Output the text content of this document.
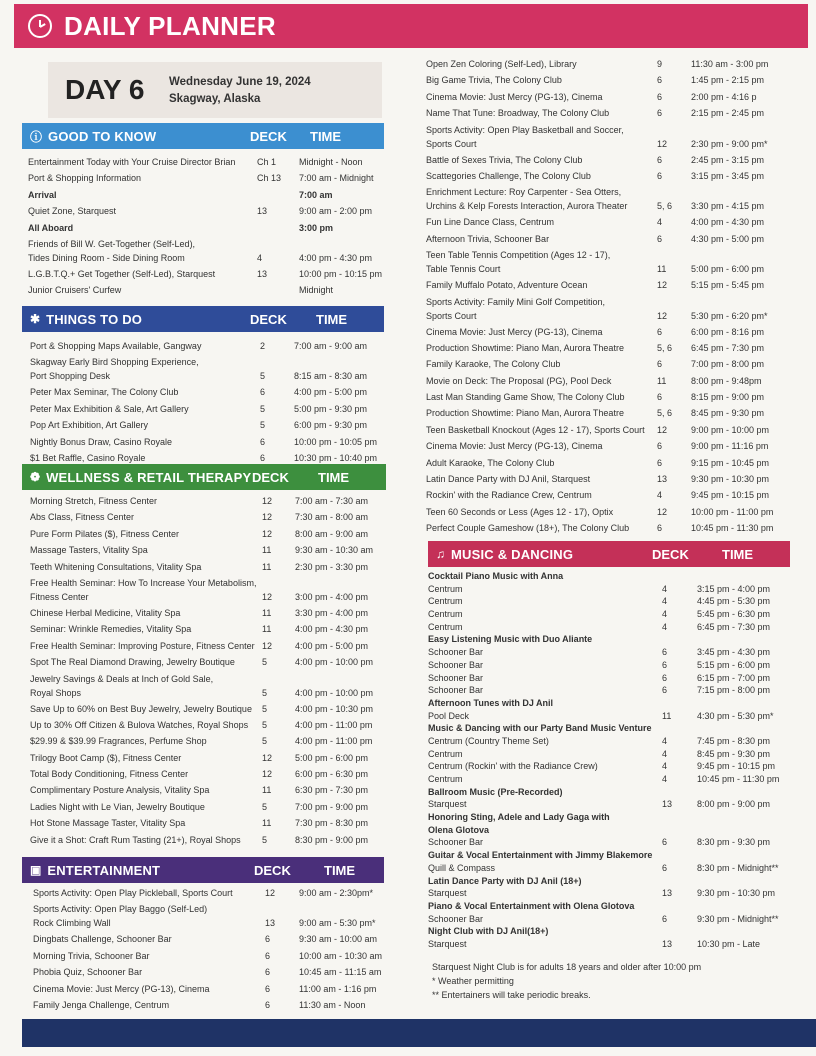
DAILY PLANNER
DAY 6 Wednesday June 19, 2024
Skagway, Alaska
ⓘ GOOD TO KNOW	DECK TIME
Entertainment Today with Your Cruise Director Brian Ch 1	Midnight - Noon
Port & Shopping Information	Ch 13 7:00 am - Midnight
Arrival	7:00 am
Quiet Zone, Starquest	13	9:00 am - 2:00 pm
All Aboard	3:00 pm
Friends of Bill W. Get-Together (Self-Led),
Tides Dining Room - Side Dining Room	4	4:00 pm - 4:30 pm
L.G.B.T.Q.+ Get Together (Self-Led), Starquest	13	10:00 pm - 10:15 pm
Junior Cruisers' Curfew	Midnight
✱ THINGS TO DO	DECK TIME
Port & Shopping Maps Available, Gangway	2	7:00 am - 9:00 am
Skagway Early Bird Shopping Experience,
Port Shopping Desk	5	8:15 am - 8:30 am
Peter Max Seminar, The Colony Club	6	4:00 pm - 5:00 pm
Peter Max Exhibition & Sale, Art Gallery	5	5:00 pm - 9:30 pm
Pop Art Exhibition, Art Gallery	5	6:00 pm - 9:30 pm
Nightly Bonus Draw, Casino Royale	6	10:00 pm - 10:05 pm
$1 Bet Raffle, Casino Royale	6	10:30 pm - 10:40 pm
❁ WELLNESS & RETAIL THERAPY DECK TIME
Morning Stretch, Fitness Center	12	7:00 am - 7:30 am
Abs Class, Fitness Center	12	7:30 am - 8:00 am
Pure Form Pilates ($), Fitness Center	12	8:00 am - 9:00 am
Massage Tasters, Vitality Spa	11	9:30 am - 10:30 am
Teeth Whitening Consultations, Vitality Spa	11	2:30 pm - 3:30 pm
Free Health Seminar: How To Increase Your Metabolism,
Fitness Center	12	3:00 pm - 4:00 pm
Chinese Herbal Medicine, Vitality Spa	11	3:30 pm - 4:00 pm
Seminar: Wrinkle Remedies, Vitality Spa	11	4:00 pm - 4:30 pm
Free Health Seminar: Improving Posture, Fitness Center 12	4:00 pm - 5:00 pm
Spot The Real Diamond Drawing, Jewelry Boutique	5	4:00 pm - 10:00 pm
Jewelry Savings & Deals at Inch of Gold Sale,
Royal Shops	5	4:00 pm - 10:00 pm
Save Up to 60% on Best Buy Jewelry, Jewelry Boutique 5	4:00 pm - 10:30 pm
Up to 30% Off Citizen & Bulova Watches, Royal Shops 5	4:00 pm - 11:00 pm
$29.99 & $39.99 Fragrances, Perfume Shop	5	4:00 pm - 11:00 pm
Trilogy Boot Camp ($), Fitness Center	12	5:00 pm - 6:00 pm
Total Body Conditioning, Fitness Center	12	6:00 pm - 6:30 pm
Complimentary Posture Analysis, Vitality Spa	11	6:30 pm - 7:30 pm
Ladies Night with Le Vian, Jewelry Boutique	5	7:00 pm - 9:00 pm
Hot Stone Massage Taster, Vitality Spa	11	7:30 pm - 8:30 pm
Give it a Shot: Craft Rum Tasting (21+), Royal Shops 5	8:30 pm - 9:00 pm
▣ ENTERTAINMENT	DECK	TIME
Sports Activity: Open Play Pickleball, Sports Court	12	9:00 am - 2:30pm*
Sports Activity: Open Play Baggo (Self-Led)
Rock Climbing Wall	13	9:00 am - 5:30 pm*
Dingbats Challenge, Schooner Bar	6	9:30 am - 10:00 am
Morning Trivia, Schooner Bar	6	10:00 am - 10:30 am
Phobia Quiz, Schooner Bar	6	10:45 am - 11:15 am
Cinema Movie: Just Mercy (PG-13), Cinema	6	11:00 am - 1:16 pm
Family Jenga Challenge, Centrum	6	11:30 am - Noon
Open Zen Coloring (Self-Led), Library	9	11:30 am - 3:00 pm
Big Game Trivia, The Colony Club	6	1:45 pm - 2:15 pm
Cinema Movie: Just Mercy (PG-13), Cinema	6	2:00 pm - 4:16 p
Name That Tune: Broadway, The Colony Club	6	2:15 pm - 2:45 pm
Sports Activity: Open Play Basketball and Soccer,
Sports Court	12	2:30 pm - 9:00 pm*
Battle of Sexes Trivia, The Colony Club	6	2:45 pm - 3:15 pm
Scattegories Challenge, The Colony Club	6	3:15 pm - 3:45 pm
Enrichment Lecture: Roy Carpenter - Sea Otters,
Urchins & Kelp Forests Interaction, Aurora Theater	5, 6 3:30 pm - 4:15 pm
Fun Line Dance Class, Centrum	4	4:00 pm - 4:30 pm
Afternoon Trivia, Schooner Bar	6	4:30 pm - 5:00 pm
Teen Table Tennis Competition (Ages 12 - 17),
Table Tennis Court	11	5:00 pm - 6:00 pm
Family Muffalo Potato, Adventure Ocean	12	5:15 pm - 5:45 pm
Sports Activity: Family Mini Golf Competition,
Sports Court	12	5:30 pm - 6:20 pm*
Cinema Movie: Just Mercy (PG-13), Cinema	6	6:00 pm - 8:16 pm
Production Showtime: Piano Man, Aurora Theatre	5, 6 6:45 pm - 7:30 pm
Family Karaoke, The Colony Club	6	7:00 pm - 8:00 pm
Movie on Deck: The Proposal (PG), Pool Deck	11	8:00 pm - 9:48pm
Last Man Standing Game Show, The Colony Club	6	8:15 pm - 9:00 pm
Production Showtime: Piano Man, Aurora Theatre	5, 6 8:45 pm - 9:30 pm
Teen Basketball Knockout (Ages 12 - 17), Sports Court 12	9:00 pm - 10:00 pm
Cinema Movie: Just Mercy (PG-13), Cinema	6	9:00 pm - 11:16 pm
Adult Karaoke, The Colony Club	6	9:15 pm - 10:45 pm
Latin Dance Party with DJ Anil, Starquest	13	9:30 pm - 10:30 pm
Rockin' with the Radiance Crew, Centrum	4	9:45 pm - 10:15 pm
Teen 60 Seconds or Less (Ages 12 - 17), Optix	12	10:00 pm - 11:00 pm
Perfect Couple Gameshow (18+), The Colony Club	6	10:45 pm - 11:30 pm
♫ MUSIC & DANCING	DECK	TIME
Cocktail Piano Music with Anna
Centrum	4	3:15 pm - 4:00 pm
Centrum	4	4:45 pm - 5:30 pm
Centrum	4	5:45 pm - 6:30 pm
Centrum	4	6:45 pm - 7:30 pm
Easy Listening Music with Duo Aliante
Schooner Bar	6	3:45 pm - 4:30 pm
Schooner Bar	6	5:15 pm - 6:00 pm
Schooner Bar	6	6:15 pm - 7:00 pm
Schooner Bar	6	7:15 pm - 8:00 pm
Afternoon Tunes with DJ Anil
Pool Deck	11	4:30 pm - 5:30 pm*
Music & Dancing with our Party Band Music Venture
Centrum (Country Theme Set)	4	7:45 pm - 8:30 pm
Centrum	4	8:45 pm - 9:30 pm
Centrum (Rockin' with the Radiance Crew)	4	9:45 pm - 10:15 pm
Centrum	4	10:45 pm - 11:30 pm
Ballroom Music (Pre-Recorded)
Starquest	13	8:00 pm - 9:00 pm
Honoring Sting, Adele and Lady Gaga with
Olena Glotova
Schooner Bar	6	8:30 pm - 9:30 pm
Guitar & Vocal Entertainment with Jimmy Blakemore
Quill & Compass	6	8:30 pm - Midnight**
Latin Dance Party with DJ Anil (18+)
Starquest	13	9:30 pm - 10:30 pm
Piano & Vocal Entertainment with Olena Glotova
Schooner Bar	6	9:30 pm - Midnight**
Night Club with DJ Anil(18+)
Starquest	13	10:30 pm - Late
Starquest Night Club is for adults 18 years and older after 10:00 pm
* Weather permitting
** Entertainers will take periodic breaks.
